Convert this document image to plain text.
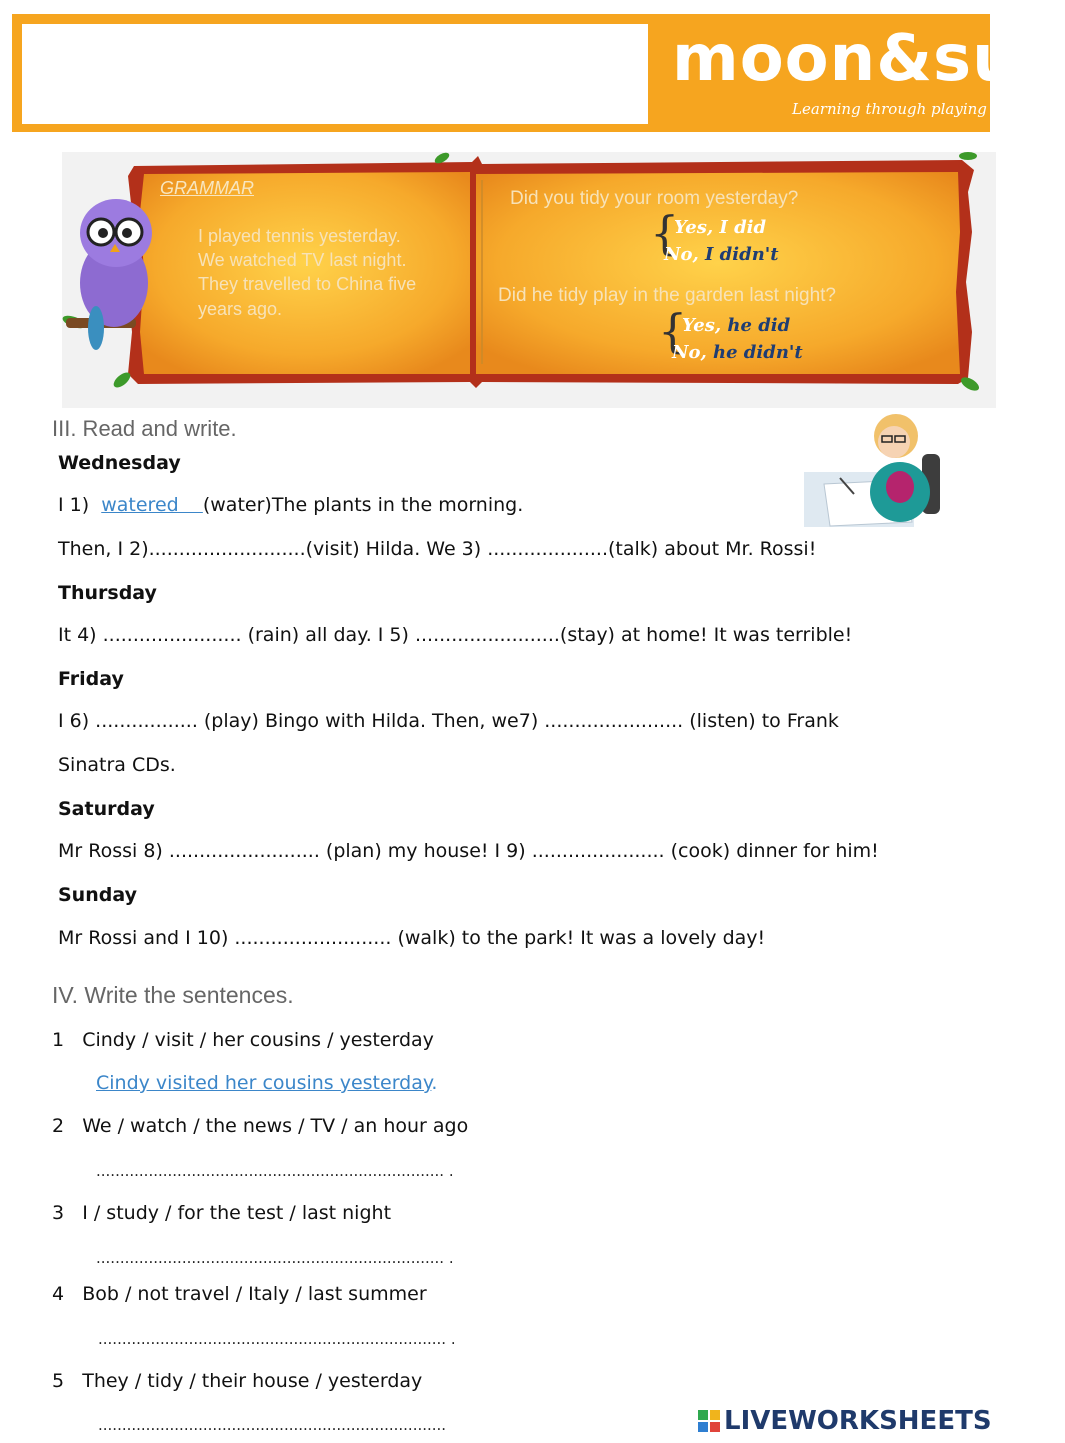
moon&sun
Learning through playing
GRAMMAR
I played tennis yesterday.
We watched TV last night.
They travelled to China five
years ago.
Did you tidy your room yesterday?
{
Yes, I did
No, I didn't
Did he tidy play in the garden last night?
{
Yes, he did
No, he didn't
III. Read and write.
Wednesday
I 1)  watered    (water)The plants in the morning.
Then, I 2)..........................(visit) Hilda. We 3) ....................(talk) about Mr. Rossi!
Thursday
It 4) ....................... (rain) all day. I 5) ........................(stay) at home! It was terrible!
Friday
I 6) ................. (play) Bingo with Hilda. Then, we7) ....................... (listen) to Frank
Sinatra CDs.
Saturday
Mr Rossi 8) ......................... (plan) my house! I 9) ...................... (cook) dinner for him!
Sunday
Mr Rossi and I 10) .......................... (walk) to the park! It was a lovely day!
IV. Write the sentences.
1 Cindy / visit / her cousins / yesterday
Cindy visited her cousins yesterday.
2 We / watch / the news / TV / an hour ago
......................................................................... .
3 I / study / for the test / last night
......................................................................... .
4 Bob / not travel / Italy / last summer
......................................................................... .
5 They / tidy / their house / yesterday
.........................................................................	LIVEWORKSHEETS
